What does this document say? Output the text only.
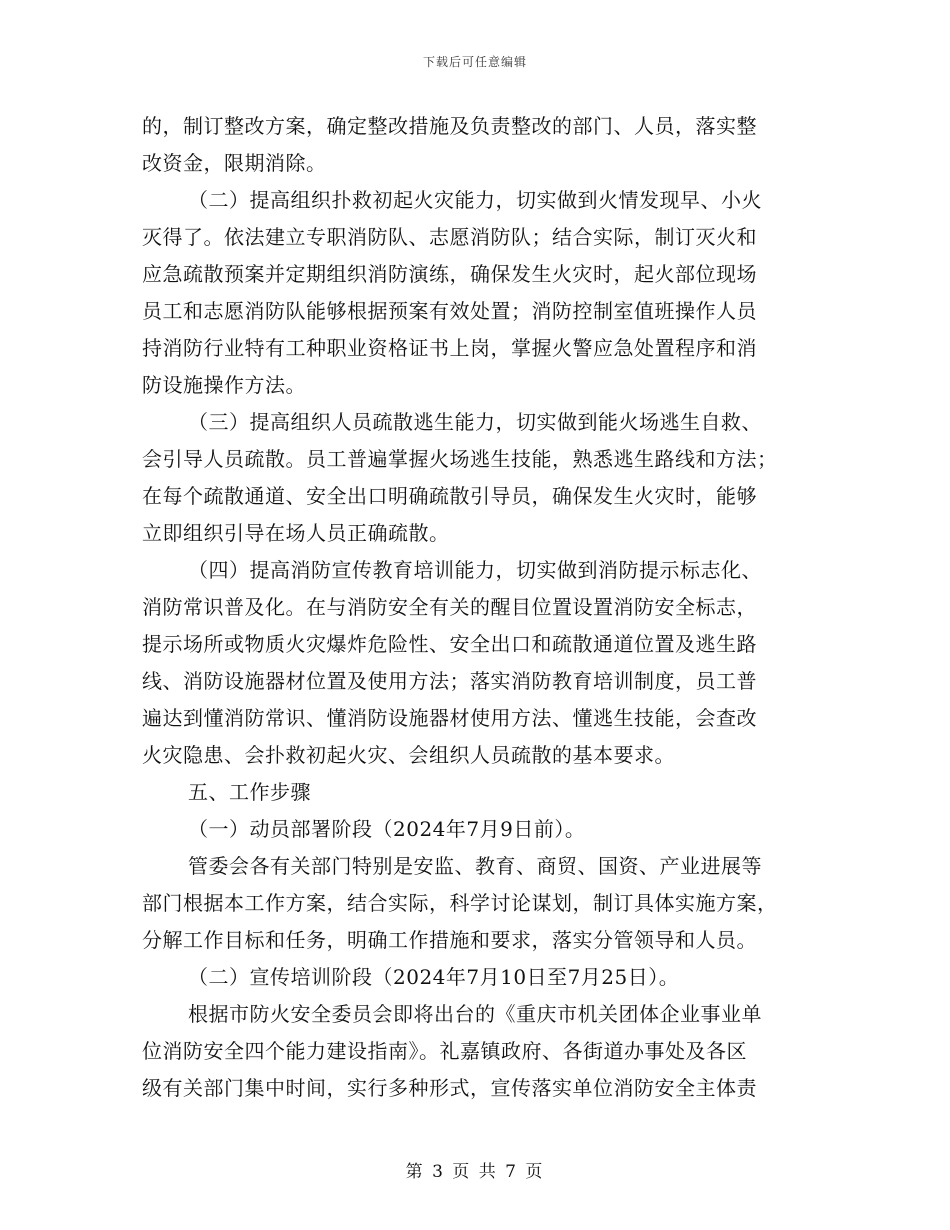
下载后可任意编辑
的，制订整改方案，确定整改措施及负责整改的部门、人员，落实整
改资金，限期消除。
（二）提高组织扑救初起火灾能力，切实做到火情发现早、小火
灭得了。依法建立专职消防队、志愿消防队；结合实际，制订灭火和
应急疏散预案并定期组织消防演练，确保发生火灾时，起火部位现场
员工和志愿消防队能够根据预案有效处置；消防控制室值班操作人员
持消防行业特有工种职业资格证书上岗，掌握火警应急处置程序和消
防设施操作方法。
（三）提高组织人员疏散逃生能力，切实做到能火场逃生自救、
会引导人员疏散。员工普遍掌握火场逃生技能，熟悉逃生路线和方法；
在每个疏散通道、安全出口明确疏散引导员，确保发生火灾时，能够
立即组织引导在场人员正确疏散。
（四）提高消防宣传教育培训能力，切实做到消防提示标志化、
消防常识普及化。在与消防安全有关的醒目位置设置消防安全标志，
提示场所或物质火灾爆炸危险性、安全出口和疏散通道位置及逃生路
线、消防设施器材位置及使用方法；落实消防教育培训制度，员工普
遍达到懂消防常识、懂消防设施器材使用方法、懂逃生技能，会查改
火灾隐患、会扑救初起火灾、会组织人员疏散的基本要求。
五、工作步骤
（一）动员部署阶段（2024年7月9日前）。
管委会各有关部门特别是安监、教育、商贸、国资、产业进展等
部门根据本工作方案，结合实际，科学讨论谋划，制订具体实施方案，
分解工作目标和任务，明确工作措施和要求，落实分管领导和人员。
（二）宣传培训阶段（2024年7月10日至7月25日）。
根据市防火安全委员会即将出台的《重庆市机关团体企业事业单
位消防安全四个能力建设指南》。礼嘉镇政府、各街道办事处及各区
级有关部门集中时间，实行多种形式，宣传落实单位消防安全主体责
第 3 页 共 7 页
